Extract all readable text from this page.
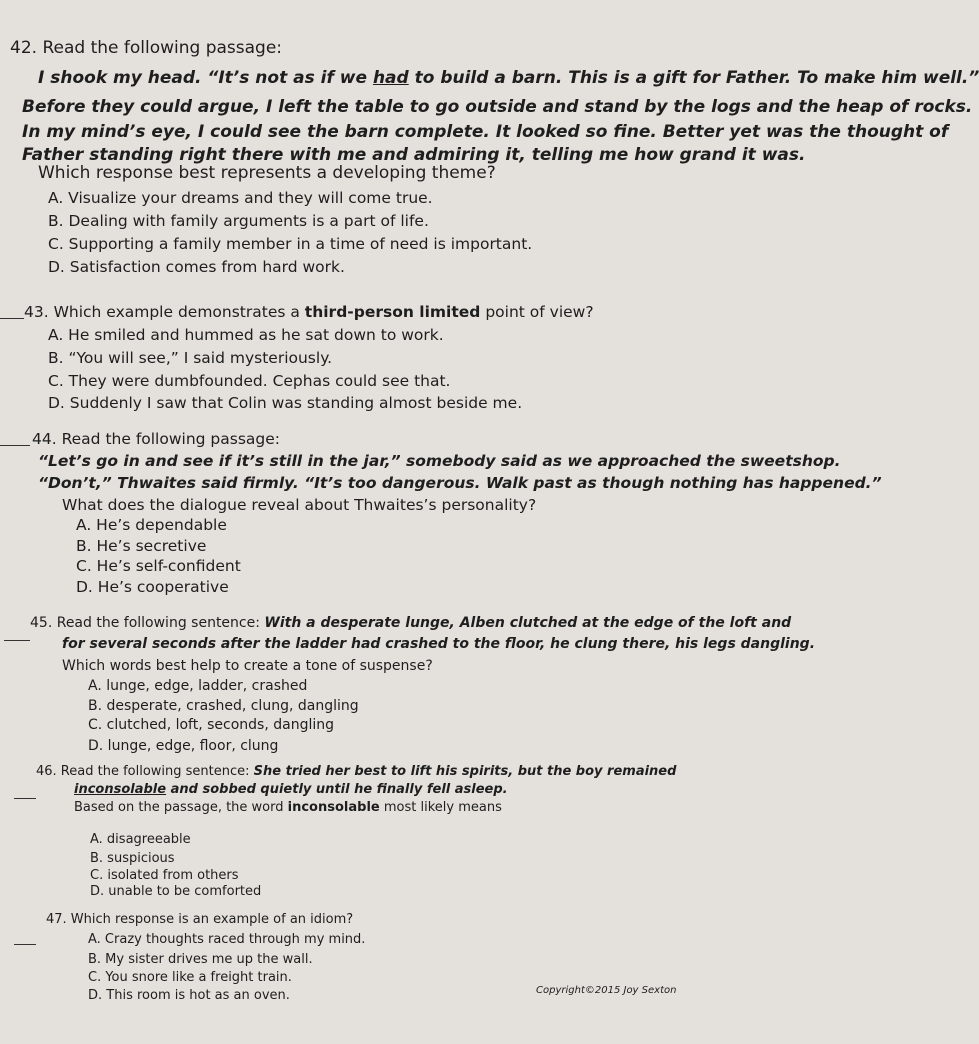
42. Read the following passage:
I shook my head. “It’s not as if we had to build a barn. This is a gift for Father. To make him well.”
Before they could argue, I left the table to go outside and stand by the logs and the heap of rocks.
In my mind’s eye, I could see the barn complete. It looked so fine. Better yet was the thought of
Father standing right there with me and admiring it, telling me how grand it was.
Which response best represents a developing theme?
A. Visualize your dreams and they will come true.
B. Dealing with family arguments is a part of life.
C. Supporting a family member in a time of need is important.
D. Satisfaction comes from hard work.
43. Which example demonstrates a third-person limited point of view?
A. He smiled and hummed as he sat down to work.
B. “You will see,” I said mysteriously.
C. They were dumbfounded. Cephas could see that.
D. Suddenly I saw that Colin was standing almost beside me.
44. Read the following passage:
“Let’s go in and see if it’s still in the jar,” somebody said as we approached the sweetshop.
“Don’t,” Thwaites said firmly. “It’s too dangerous. Walk past as though nothing has happened.”
What does the dialogue reveal about Thwaites’s personality?
A. He’s dependable
B. He’s secretive
C. He’s self-confident
D. He’s cooperative
45. Read the following sentence: With a desperate lunge, Alben clutched at the edge of the loft and
for several seconds after the ladder had crashed to the floor, he clung there, his legs dangling.
Which words best help to create a tone of suspense?
A. lunge, edge, ladder, crashed
B. desperate, crashed, clung, dangling
C. clutched, loft, seconds, dangling
D. lunge, edge, floor, clung
46. Read the following sentence: She tried her best to lift his spirits, but the boy remained
inconsolable and sobbed quietly until he finally fell asleep.
Based on the passage, the word inconsolable most likely means
A. disagreeable
B. suspicious
C. isolated from others
D. unable to be comforted
47. Which response is an example of an idiom?
A. Crazy thoughts raced through my mind.
B. My sister drives me up the wall.
C. You snore like a freight train.
D. This room is hot as an oven.	Copyright©2015 Joy Sexton
